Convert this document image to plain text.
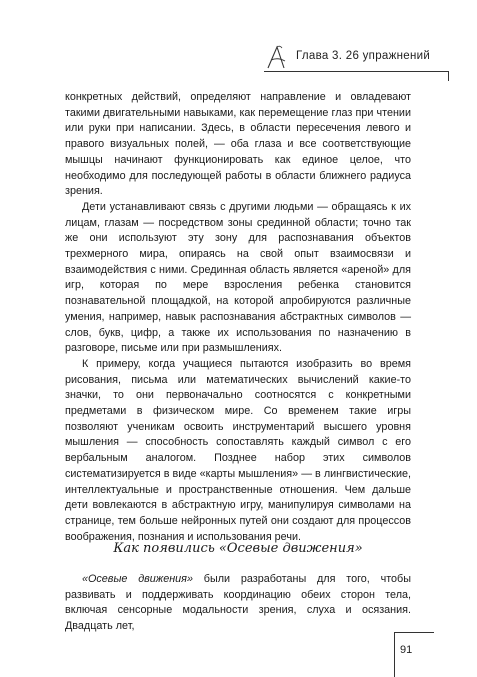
Глава 3. 26 упражнений

конкретных действий, определяют направление и овладевают такими двигательными навыками, как перемещение глаз при чтении или руки при написании. Здесь, в области пересечения левого и правого визуальных полей, — оба глаза и все соответствующие мышцы начинают функционировать как единое целое, что необходимо для последующей работы в области ближнего радиуса зрения.

Дети устанавливают связь с другими людьми — обращаясь к их лицам, глазам — посредством зоны срединной области; точно так же они используют эту зону для распознавания объектов трехмерного мира, опираясь на свой опыт взаимосвязи и взаимодействия с ними. Срединная область является «ареной» для игр, которая по мере взросления ребенка становится познавательной площадкой, на которой апробируются различные умения, например, навык распознавания абстрактных символов — слов, букв, цифр, а также их использования по назначению в разговоре, письме или при размышлениях.

К примеру, когда учащиеся пытаются изобразить во время рисования, письма или математических вычислений какие-то значки, то они первоначально соотносятся с конкретными предметами в физическом мире. Со временем такие игры позволяют ученикам освоить инструментарий высшего уровня мышления — способность сопоставлять каждый символ с его вербальным аналогом. Позднее набор этих символов систематизируется в виде «карты мышления» — в лингвистические, интеллектуальные и пространственные отношения. Чем дальше дети вовлекаются в абстрактную игру, манипулируя символами на странице, тем больше нейронных путей они создают для процессов воображения, познания и использования речи.

Как появились «Осевые движения»

«Осевые движения» были разработаны для того, чтобы развивать и поддерживать координацию обеих сторон тела, включая сенсорные модальности зрения, слуха и осязания. Двадцать лет,

91
